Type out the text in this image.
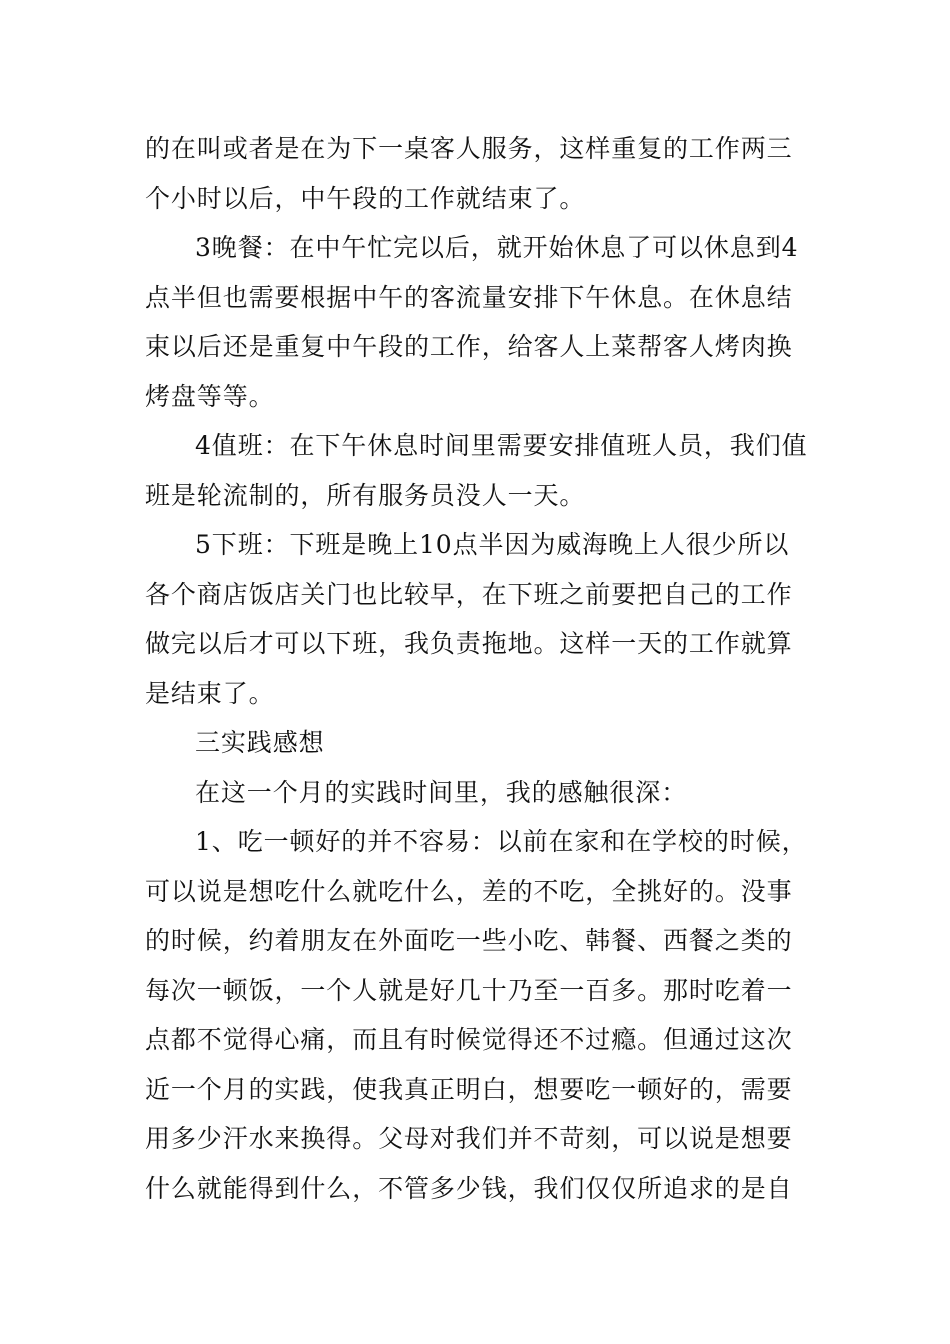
的在叫或者是在为下一桌客人服务，这样重复的工作两三
个小时以后，中午段的工作就结束了。
3晚餐：在中午忙完以后，就开始休息了可以休息到4
点半但也需要根据中午的客流量安排下午休息。在休息结
束以后还是重复中午段的工作，给客人上菜帮客人烤肉换
烤盘等等。
4值班：在下午休息时间里需要安排值班人员，我们值
班是轮流制的，所有服务员没人一天。
5下班：下班是晚上10点半因为威海晚上人很少所以
各个商店饭店关门也比较早，在下班之前要把自己的工作
做完以后才可以下班，我负责拖地。这样一天的工作就算
是结束了。
三实践感想
在这一个月的实践时间里，我的感触很深：
1、吃一顿好的并不容易：以前在家和在学校的时候，
可以说是想吃什么就吃什么，差的不吃，全挑好的。没事
的时候，约着朋友在外面吃一些小吃、韩餐、西餐之类的
每次一顿饭，一个人就是好几十乃至一百多。那时吃着一
点都不觉得心痛，而且有时候觉得还不过瘾。但通过这次
近一个月的实践，使我真正明白，想要吃一顿好的，需要
用多少汗水来换得。父母对我们并不苛刻，可以说是想要
什么就能得到什么，不管多少钱，我们仅仅所追求的是自
